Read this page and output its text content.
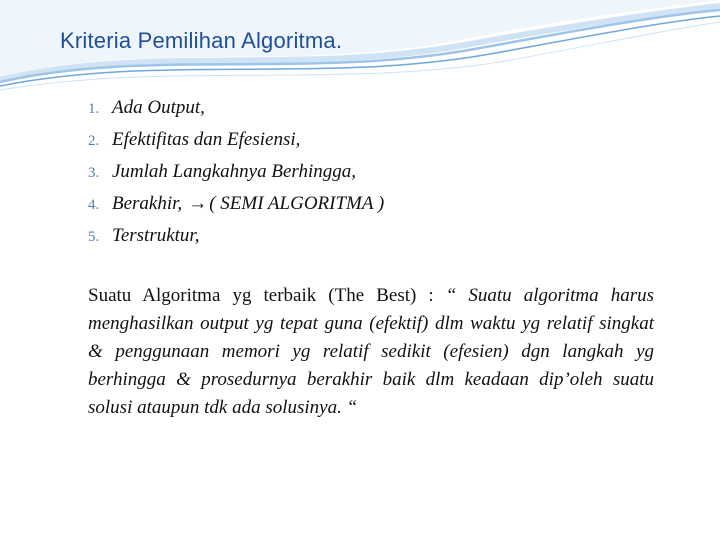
Kriteria Pemilihan Algoritma.
1. Ada Output,
2. Efektifitas dan Efesiensi,
3. Jumlah Langkahnya Berhingga,
4. Berakhir, → ( SEMI ALGORITMA )
5. Terstruktur,

Suatu Algoritma yg terbaik (The Best) : “ Suatu algoritma harus menghasilkan output yg tepat guna (efektif) dlm waktu yg relatif singkat & penggunaan memori yg relatif sedikit (efesien) dgn langkah yg berhingga & prosedurnya berakhir baik dlm keadaan dip’oleh suatu solusi ataupun tdk ada solusinya. “
